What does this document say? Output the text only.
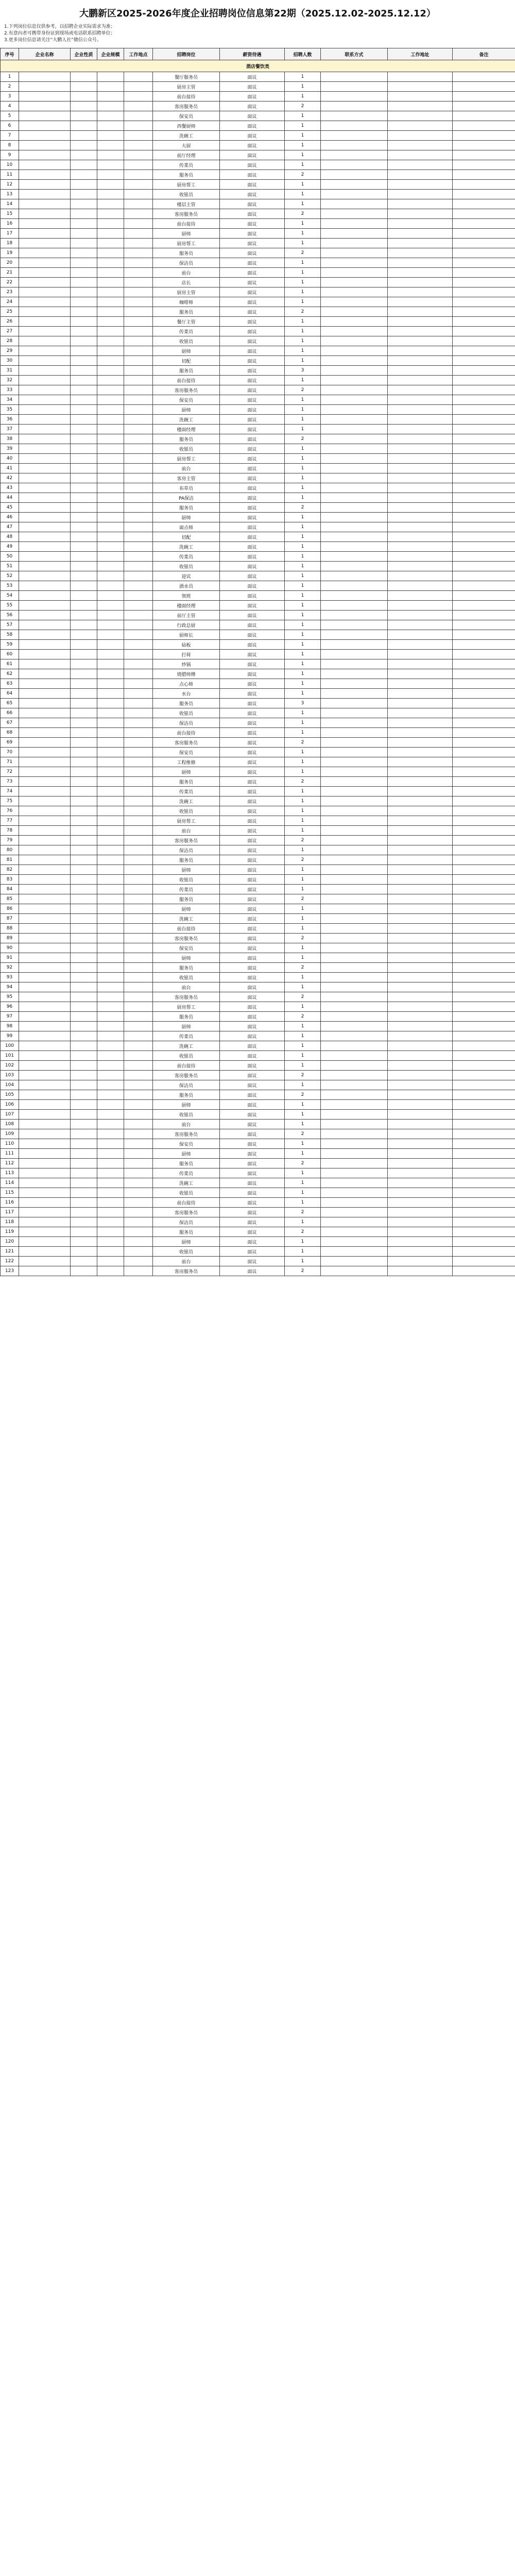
大鹏新区2025-2026年度企业招聘岗位信息第22期（2025.12.02-2025.12.12）

1.下列岗位信息仅供参考，以招聘企业实际需求为准；

2.有意向者可携带身份证到现场或电话联系招聘单位；

3.更多岗位信息请关注“大鹏人社”微信公众号。

序号	企业名称	企业性质	企业规模	工作地点	招聘岗位	薪资待遇	招聘人数	联系方式	工作地址	备注
酒店餐饮类										
1					餐厅服务员	面议	1			
2					厨房主管	面议	1			
3					前台接待	面议	1			
4					客房服务员	面议	2			
5					保安员	面议	1			
6					西餐厨师	面议	1			
7					洗碗工	面议	1			
8					大厨	面议	1			
9					前厅经理	面议	1			
10					传菜员	面议	1			
11					服务员	面议	2			
12					厨房帮工	面议	1			
13					收银员	面议	1			
14					楼层主管	面议	1			
15					客房服务员	面议	2			
16					前台接待	面议	1			
17					厨师	面议	1			
18					厨房帮工	面议	1			
19					服务员	面议	2			
20					保洁员	面议	1			
21					前台	面议	1			
22					店长	面议	1			
23					厨房主管	面议	1			
24					咖啡师	面议	1			
25					服务员	面议	2			
26					餐厅主管	面议	1			
27					传菜员	面议	1			
28					收银员	面议	1			
29					厨师	面议	1			
30					切配	面议	1			
31					服务员	面议	3			
32					前台接待	面议	1			
33					客房服务员	面议	2			
34					保安员	面议	1			
35					厨师	面议	1			
36					洗碗工	面议	1			
37					楼面经理	面议	1			
38					服务员	面议	2			
39					收银员	面议	1			
40					厨房帮工	面议	1			
41					前台	面议	1			
42					客房主管	面议	1			
43					布草员	面议	1			
44					PA保洁	面议	1			
45					服务员	面议	2			
46					厨师	面议	1			
47					面点师	面议	1			
48					切配	面议	1			
49					洗碗工	面议	1			
50					传菜员	面议	1			
51					收银员	面议	1			
52					迎宾	面议	1			
53					酒水员	面议	1			
54					领班	面议	1			
55					楼面经理	面议	1			
56					前厅主管	面议	1			
57					行政总厨	面议	1			
58					厨师长	面议	1			
59					砧板	面议	1			
60					打荷	面议	1			
61					炒锅	面议	1			
62					烧腊师傅	面议	1			
63					点心师	面议	1			
64					水台	面议	1			
65					服务员	面议	3			
66					收银员	面议	1			
67					保洁员	面议	1			
68					前台接待	面议	1			
69					客房服务员	面议	2			
70					保安员	面议	1			
71					工程维修	面议	1			
72					厨师	面议	1			
73					服务员	面议	2			
74					传菜员	面议	1			
75					洗碗工	面议	1			
76					收银员	面议	1			
77					厨房帮工	面议	1			
78					前台	面议	1			
79					客房服务员	面议	2			
80					保洁员	面议	1			
81					服务员	面议	2			
82					厨师	面议	1			
83					收银员	面议	1			
84					传菜员	面议	1			
85					服务员	面议	2			
86					厨师	面议	1			
87					洗碗工	面议	1			
88					前台接待	面议	1			
89					客房服务员	面议	2			
90					保安员	面议	1			
91					厨师	面议	1			
92					服务员	面议	2			
93					收银员	面议	1			
94					前台	面议	1			
95					客房服务员	面议	2			
96					厨房帮工	面议	1			
97					服务员	面议	2			
98					厨师	面议	1			
99					传菜员	面议	1			
100					洗碗工	面议	1			
101					收银员	面议	1			
102					前台接待	面议	1			
103					客房服务员	面议	2			
104					保洁员	面议	1			
105					服务员	面议	2			
106					厨师	面议	1			
107					收银员	面议	1			
108					前台	面议	1			
109					客房服务员	面议	2			
110					保安员	面议	1			
111					厨师	面议	1			
112					服务员	面议	2			
113					传菜员	面议	1			
114					洗碗工	面议	1			
115					收银员	面议	1			
116					前台接待	面议	1			
117					客房服务员	面议	2			
118					保洁员	面议	1			
119					服务员	面议	2			
120					厨师	面议	1			
121					收银员	面议	1			
122					前台	面议	1			
123					客房服务员	面议	2			
